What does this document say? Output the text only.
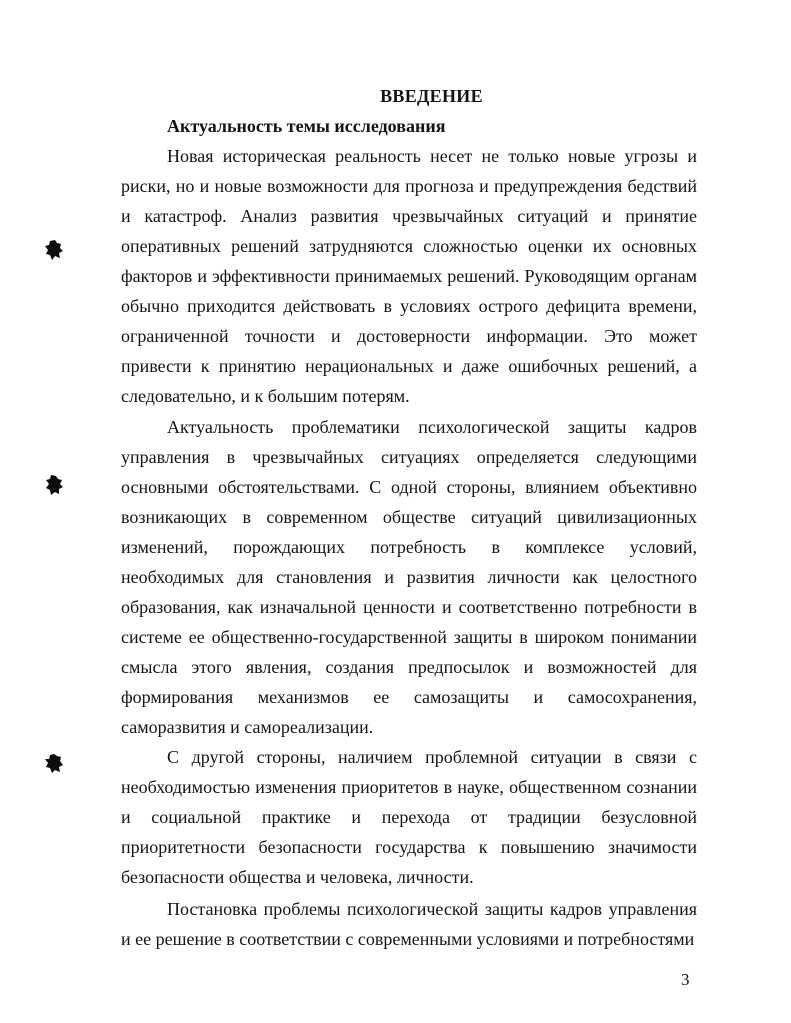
ВВЕДЕНИЕ
Актуальность темы исследования

Новая историческая реальность несет не только новые угрозы и риски, но и новые возможности для прогноза и предупреждения бедствий и катастроф. Анализ развития чрезвычайных ситуаций и принятие оперативных решений затрудняются сложностью оценки их основных факторов и эффективности принимаемых решений. Руководящим органам обычно приходится действовать в условиях острого дефицита времени, ограниченной точности и достоверности информации. Это может привести к принятию нерациональных и даже ошибочных решений, а следовательно, и к большим потерям.

Актуальность проблематики психологической защиты кадров управления в чрезвычайных ситуациях определяется следующими основными обстоятельствами. С одной стороны, влиянием объективно возникающих в современном обществе ситуаций цивилизационных изменений, порождающих потребность в комплексе условий, необходимых для становления и развития личности как целостного образования, как изначальной ценности и соответственно потребности в системе ее общественно-государственной защиты в широком понимании смысла этого явления, создания предпосылок и возможностей для формирования механизмов ее самозащиты и самосохранения, саморазвития и самореализации.

С другой стороны, наличием проблемной ситуации в связи с необходимостью изменения приоритетов в науке, общественном сознании и социальной практике и перехода от традиции безусловной приоритетности безопасности государства к повышению значимости безопасности общества и человека, личности.

Постановка проблемы психологической защиты кадров управления и ее решение в соответствии с современными условиями и потребностями

3
